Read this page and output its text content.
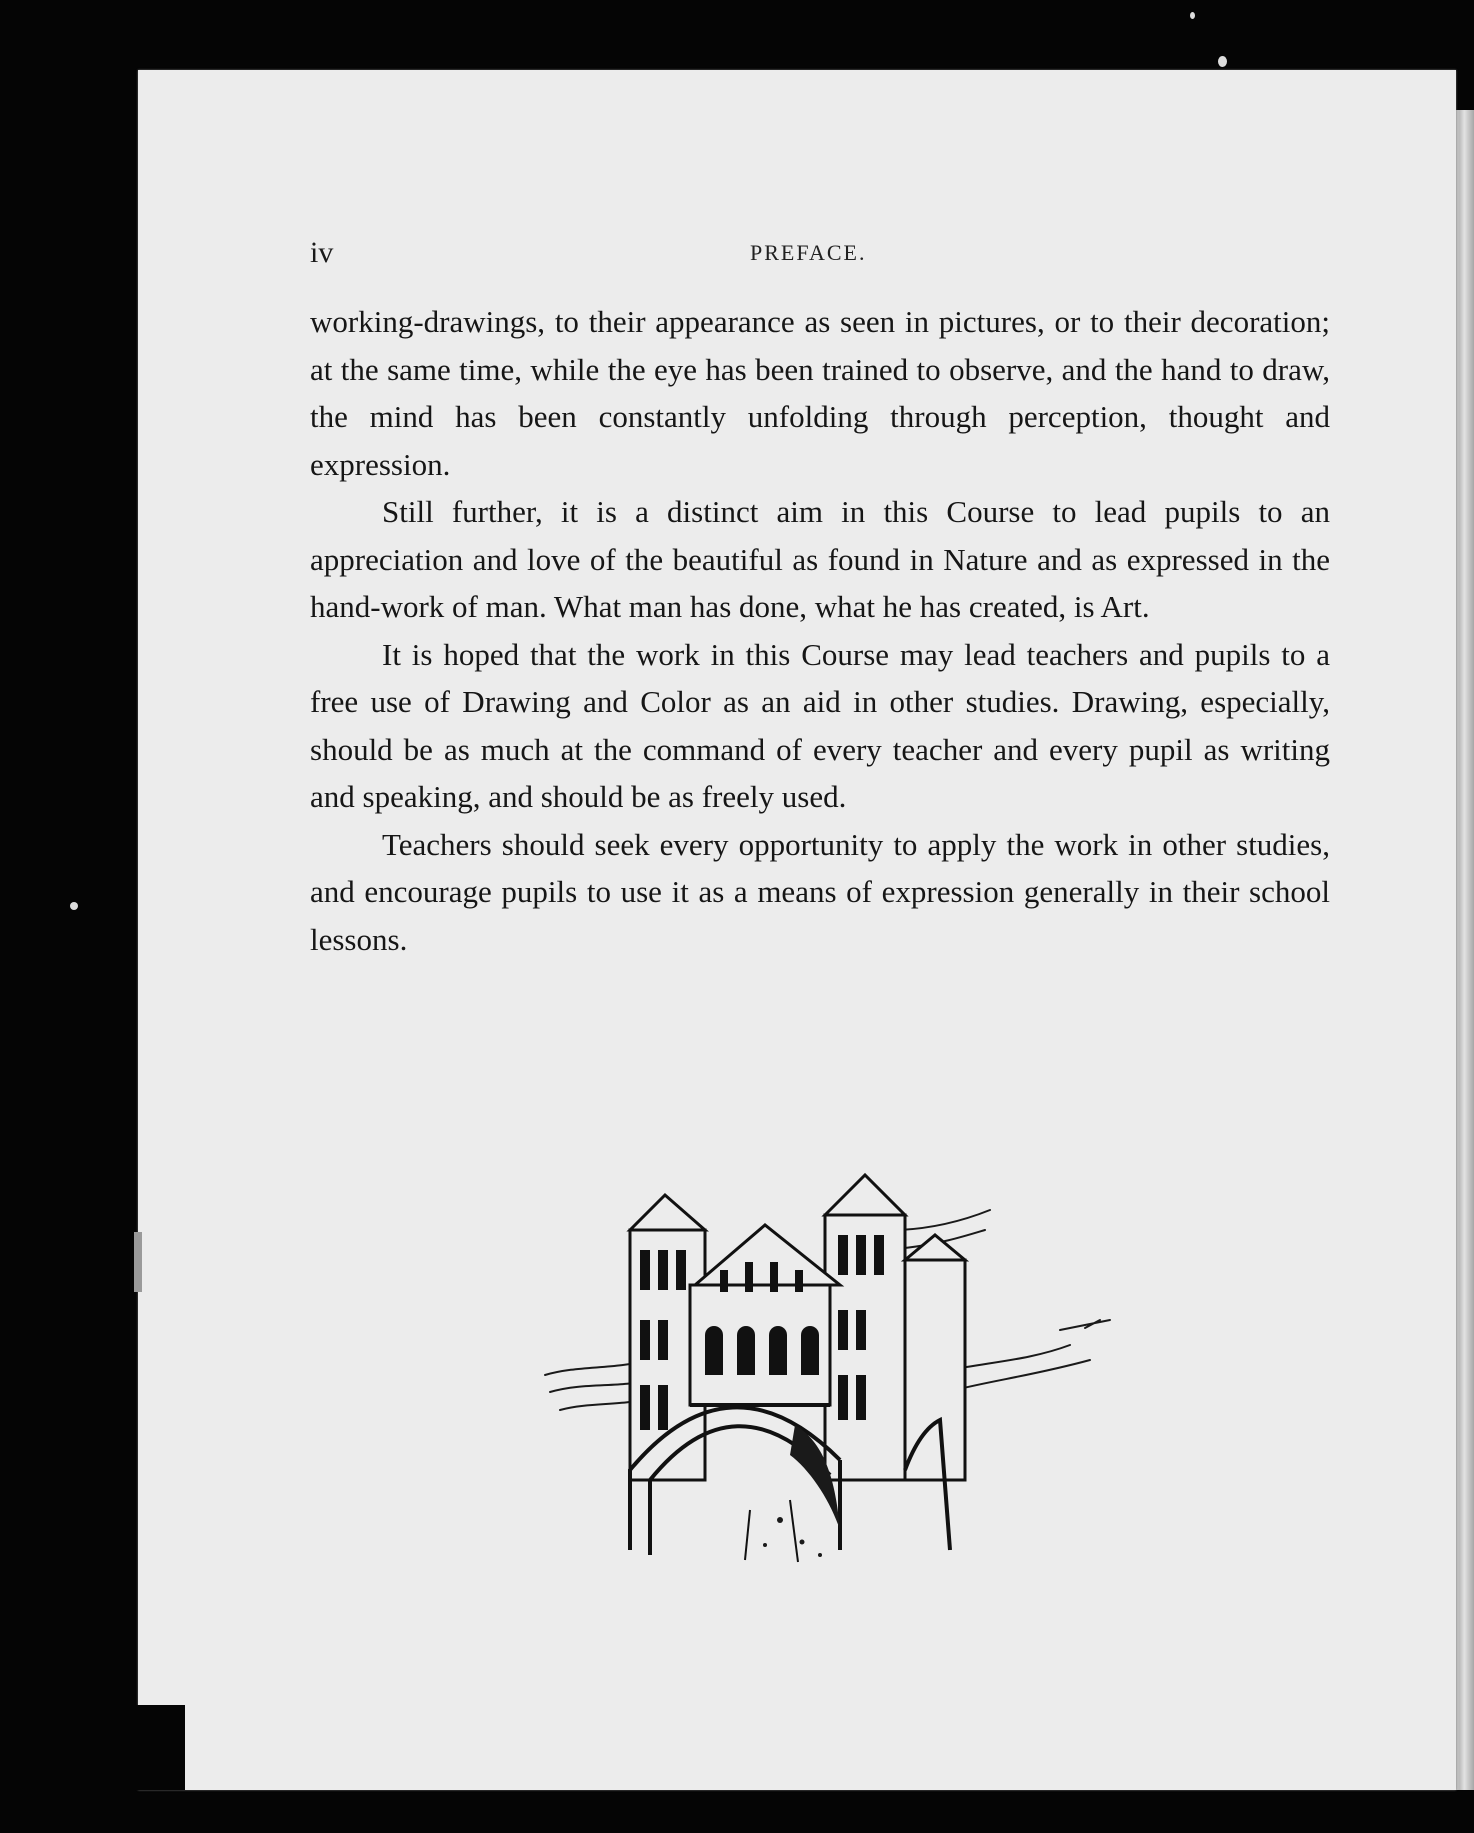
iv	PREFACE.

working-drawings, to their appearance as seen in pictures, or to their decoration; at the same time, while the eye has been trained to observe, and the hand to draw, the mind has been constantly unfolding through perception, thought and expression.

Still further, it is a distinct aim in this Course to lead pupils to an appreciation and love of the beautiful as found in Nature and as expressed in the hand-work of man. What man has done, what he has created, is Art.

It is hoped that the work in this Course may lead teachers and pupils to a free use of Drawing and Color as an aid in other studies. Drawing, especially, should be as much at the command of every teacher and every pupil as writing and speaking, and should be as freely used.

Teachers should seek every opportunity to apply the work in other studies, and encourage pupils to use it as a means of expression generally in their school lessons.
